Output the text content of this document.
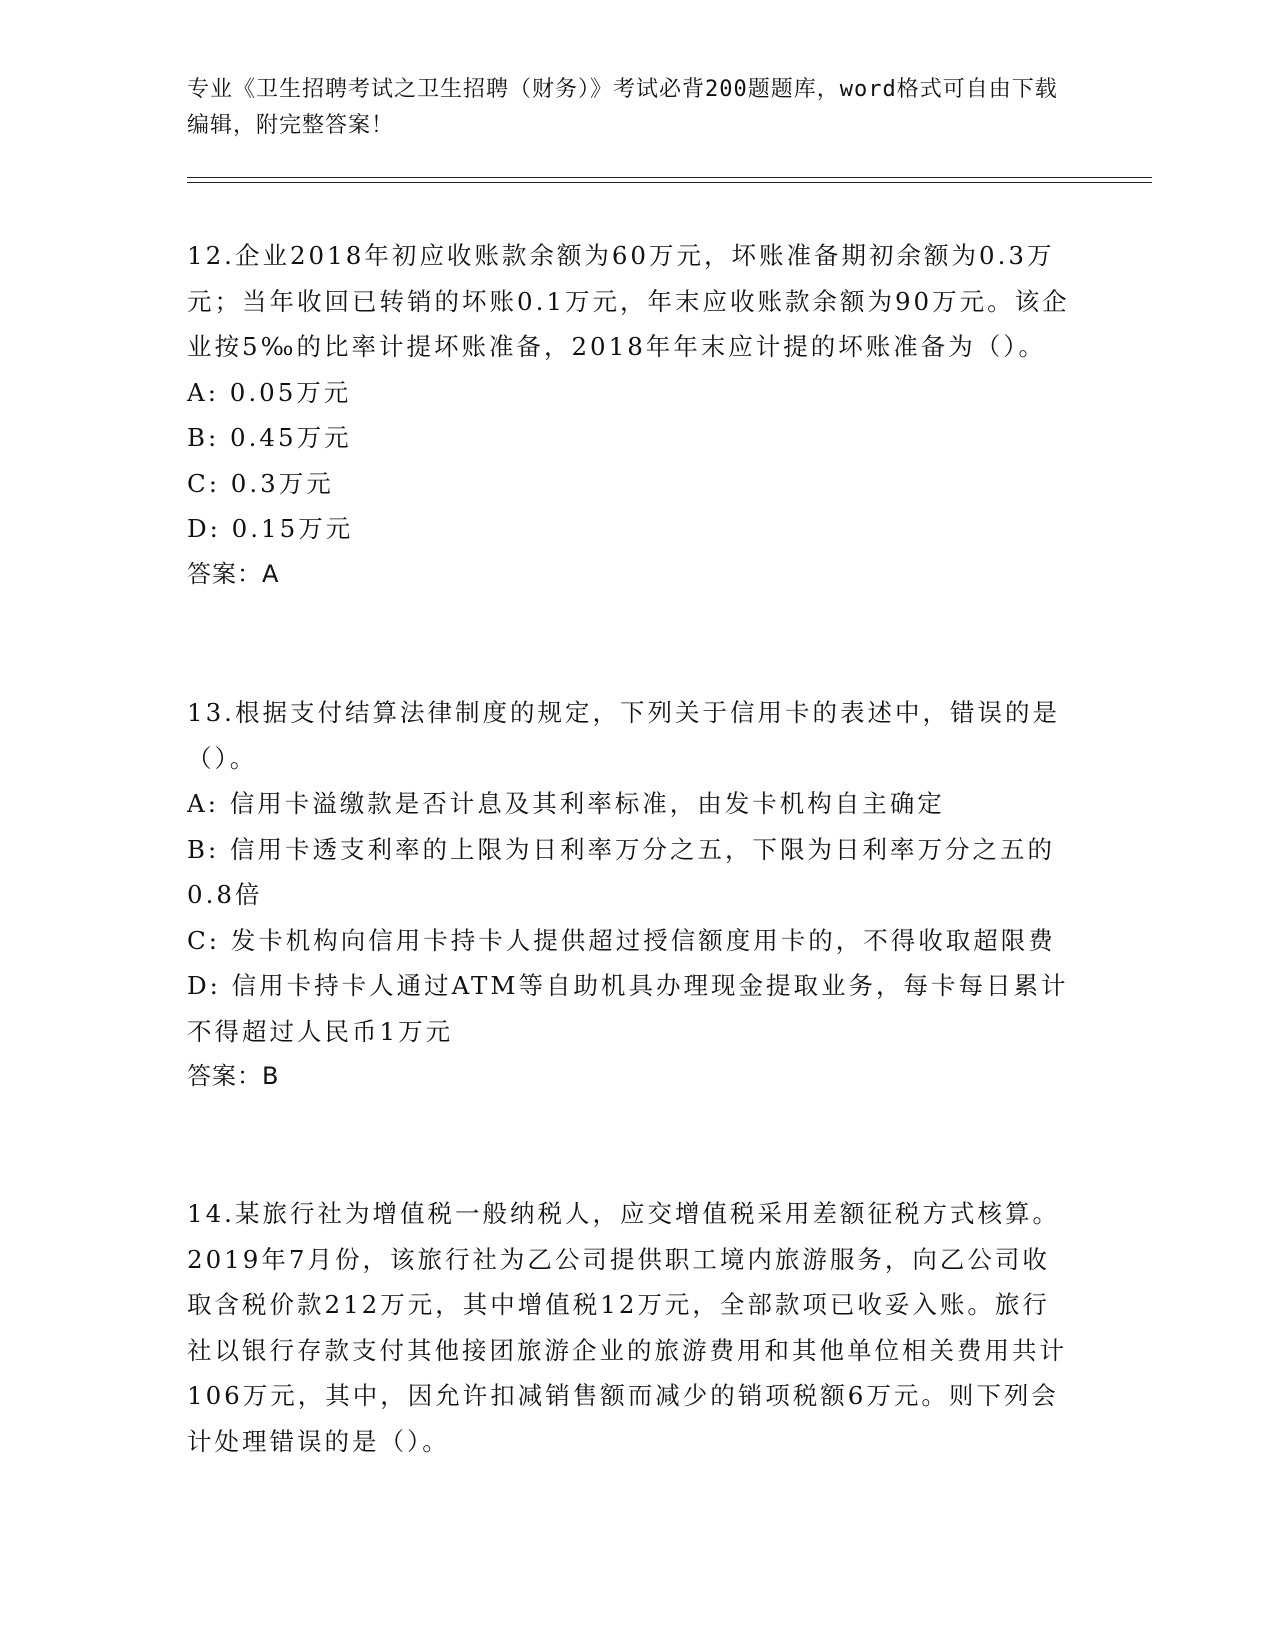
专业《卫生招聘考试之卫生招聘（财务）》考试必背200题题库，word格式可自由下载编辑，附完整答案！
12.企业2018年初应收账款余额为60万元，坏账准备期初余额为0.3万元；当年收回已转销的坏账0.1万元，年末应收账款余额为90万元。该企业按5‰的比率计提坏账准备，2018年年末应计提的坏账准备为（）。
A: 0.05万元
B: 0.45万元
C: 0.3万元
D: 0.15万元
答案：A
13.根据支付结算法律制度的规定，下列关于信用卡的表述中，错误的是（）。
A: 信用卡溢缴款是否计息及其利率标准，由发卡机构自主确定
B: 信用卡透支利率的上限为日利率万分之五，下限为日利率万分之五的0.8倍
C: 发卡机构向信用卡持卡人提供超过授信额度用卡的，不得收取超限费
D: 信用卡持卡人通过ATM等自助机具办理现金提取业务，每卡每日累计不得超过人民币1万元
答案：B
14.某旅行社为增值税一般纳税人，应交增值税采用差额征税方式核算。2019年7月份，该旅行社为乙公司提供职工境内旅游服务，向乙公司收取含税价款212万元，其中增值税12万元，全部款项已收妥入账。旅行社以银行存款支付其他接团旅游企业的旅游费用和其他单位相关费用共计106万元，其中，因允许扣减销售额而减少的销项税额6万元。则下列会计处理错误的是（）。
